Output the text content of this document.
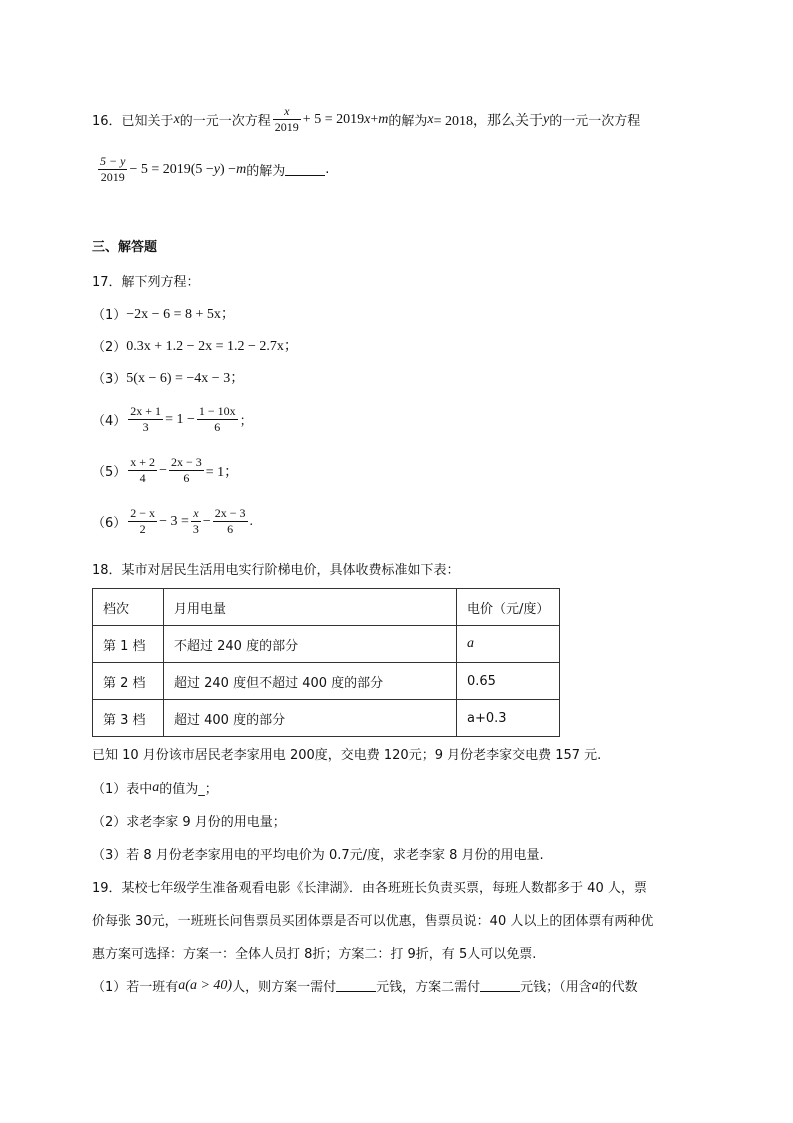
16． 已知关于 x 的一元一次方程 $\frac{x}{2019} + 5 = 2019$ x + m 的解为 x = 2018，那么关于 y 的一元一次方程
$\frac{5 - y}{2019} - 5 = 2019(5 - y$ ) − m 的解为	.
三、解答题
17．解下列方程：
（1） −2x − 6 = 8 + 5x；
（2） 0.3x + 1.2 − 2x = 1.2 − 2.7x；
（3） 5(x − 6) = −4x − 3；
$(4) \frac{2x + 1}{3} = 1 - \frac{1 - 10x}{6}$ ；
$(5) \frac{x + 2}{4} - \frac{2x - 3}{6} = 1$；
$(6) \frac{2 - x}{2} - 3 = \frac{x}{3} - \frac{2x - 3}{6}$ .
18．某市对居民生活用电实行阶梯电价，具体收费标准如下表：
档次	月用电量	电价（元/度）
第 1 档	不超过 240 度的部分	a
第 2 档	超过 240 度但不超过 400 度的部分	0.65
第 3 档	超过 400 度的部分	a+0.3
已知 10 月份该市居民老李家用电 200度，交电费 120元；9 月份老李家交电费 157 元.
（1）表中 a 的值为_；
（2）求老李家 9 月份的用电量；
（3）若 8 月份老李家用电的平均电价为 0.7元/度，求老李家 8 月份的用电量.
19．某校七年级学生准备观看电影《长津湖》．由各班班长负责买票，每班人数都多于 40 人，票
价每张 30元，一班班长问售票员买团体票是否可以优惠，售票员说：40 人以上的团体票有两种优
惠方案可选择：方案一：全体人员打 8折；方案二：打 9折，有 5人可以免票.
（1）若一班有 a (a > 40) 人，则方案一需付	元钱，方案二需付	元钱；（用含 a 的代数
